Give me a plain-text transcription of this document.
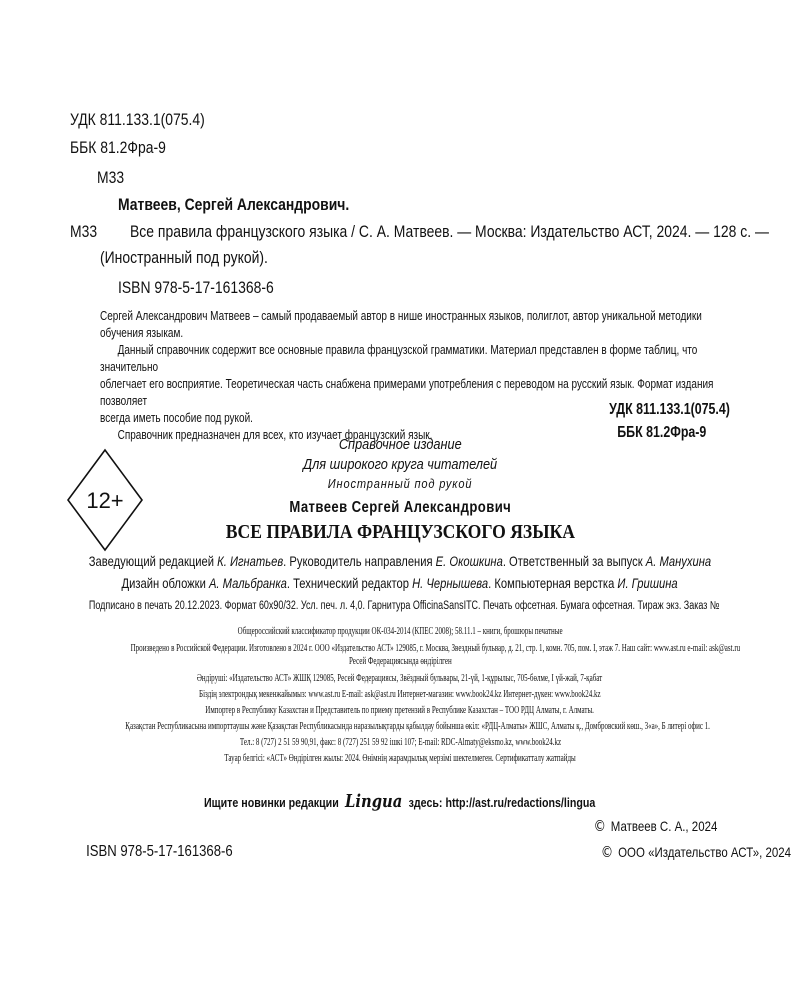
УДК 811.133.1(075.4)
ББК 81.2Фра-9
М33
Матвеев, Сергей Александрович.
М33 Все правила французского языка / С. А. Матвеев. — Москва: Издательство АСТ, 2024. — 128 с. —
(Иностранный под рукой).
ISBN 978-5-17-161368-6

Сергей Александрович Матвеев – самый продаваемый автор в нише иностранных языков, полиглот, автор уникальной методики обучения языкам.

Данный справочник содержит все основные правила французской грамматики. Материал представлен в форме таблиц, что значительно

облегчает его восприятие. Теоретическая часть снабжена примерами употребления с переводом на русский язык. Формат издания позволяет

всегда иметь пособие под рукой.

Справочник предназначен для всех, кто изучает французский язык.

УДК 811.133.1(075.4)
ББК 81.2Фра-9
12+
Справочное издание
Для широкого круга читателей
Иностранный под рукой
Матвеев Сергей Александрович
ВСЕ ПРАВИЛА ФРАНЦУЗСКОГО ЯЗЫКА
Заведующий редакцией К. Игнатьев. Руководитель направления Е. Окошкина. Ответственный за выпуск А. Манухина
Дизайн обложки А. Мальбранка. Технический редактор Н. Чернышева. Компьютерная верстка И. Гришина
Подписано в печать 20.12.2023. Формат 60х90/32. Усл. печ. л. 4,0. Гарнитура OfficinaSansITC. Печать офсетная. Бумага офсетная. Тираж экз. Заказ №
Общероссийский классификатор продукции ОК-034-2014 (КПЕС 2008); 58.11.1 – книги, брошюры печатные
Произведено в Российской Федерации. Изготовлено в 2024 г. ООО «Издательство АСТ» 129085, г. Москва, Звездный бульвар, д. 21, стр. 1, комн. 705, пом. I, этаж 7. Наш сайт: www.ast.ru e-mail: ask@ast.ru
Ресей Федерациясында өндірілген
Әндіруші: «Издательство АСТ» ЖШҚ 129085, Ресей Федерациясы, Звёздный бульвары, 21-үй, 1-құрылыс, 705-бөлме, I үй-жай, 7-қабат
Біздің электрондық мекенжайымыз: www.ast.ru E-mail: ask@ast.ru Интернет-магазин: www.book24.kz Интернет-дүкен: www.book24.kz
Импортер в Республику Казахстан и Представитель по приему претензий в Республике Казахстан – ТОО РДЦ Алматы, г. Алматы.
Қазақстан Республикасына импорттаушы және Қазақстан Республикасында наразылықтарды қабылдау бойынша өкіл: «РДЦ-Алматы» ЖШС, Алматы қ., Домбровский көш., 3«а», Б литері офис 1.
Тел.: 8 (727) 2 51 59 90,91, факс: 8 (727) 251 59 92 ішкі 107; E-mail: RDC-Almaty@eksmo.kz, www.book24.kz
Тауар белгісі: «АСТ» Өндірілген жылы: 2024. Өнімнің жарамдылық мерзімі шектелмеген. Сертификатталу жатпайды
Ищите новинки редакции Lingua здесь: http://ast.ru/redactions/lingua
© Матвеев С. А., 2024
© ООО «Издательство АСТ», 2024
ISBN 978-5-17-161368-6
